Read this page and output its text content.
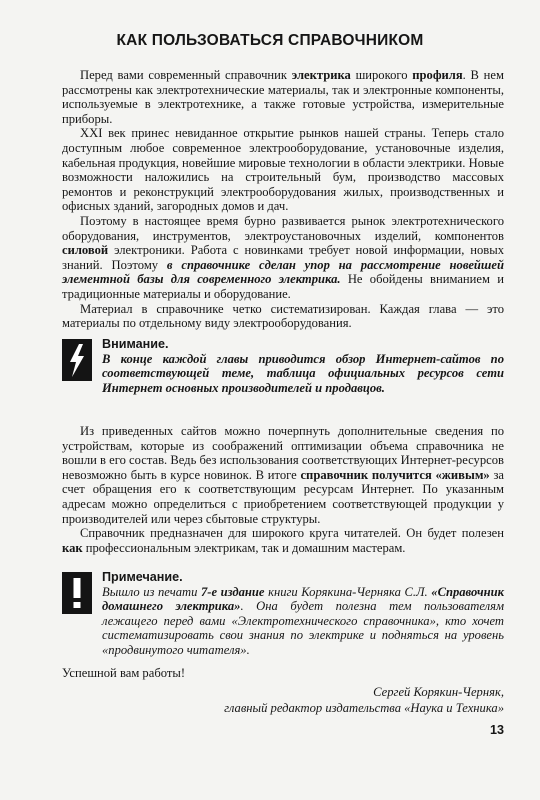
КАК ПОЛЬЗОВАТЬСЯ СПРАВОЧНИКОМ

Перед вами современный справочник электрика широкого профиля. В нем рассмотрены как электротехнические материалы, так и электронные компоненты, используемые в электротехнике, а также готовые устройства, измерительные приборы.

XXI век принес невиданное открытие рынков нашей страны. Теперь стало доступным любое современное электрооборудование, установочные изделия, кабельная продукция, новейшие мировые технологии в области электрики. Новые возможности наложились на строительный бум, производство массовых ремонтов и реконструкций электрооборудования жилых, производственных и офисных зданий, загородных домов и дач.

Поэтому в настоящее время бурно развивается рынок электротехнического оборудования, инструментов, электроустановочных изделий, компонентов силовой электроники. Работа с новинками требует новой информации, новых знаний. Поэтому в справочнике сделан упор на рассмотрение новейшей элементной базы для современного электрика. Не обойдены вниманием и традиционные материалы и оборудование.

Материал в справочнике четко систематизирован. Каждая глава — это материалы по отдельному виду электрооборудования.

Внимание.
В конце каждой главы приводится обзор Интернет-сайтов по соответствующей теме, таблица официальных ресурсов сети Интернет основных производителей и продавцов.

Из приведенных сайтов можно почерпнуть дополнительные сведения по устройствам, которые из соображений оптимизации объема справочника не вошли в его состав. Ведь без использования соответствующих Интернет-ресурсов невозможно быть в курсе новинок. В итоге справочник получится «живым» за счет обращения его к соответствующим ресурсам Интернет. По указанным адресам можно определиться с приобретением соответствующей продукции у производителей или через сбытовые структуры.

Справочник предназначен для широкого круга читателей. Он будет полезен как профессиональным электрикам, так и домашним мастерам.

Примечание.
Вышло из печати 7-е издание книги Корякина-Черняка С.Л. «Справочник домашнего электрика». Она будет полезна тем пользователям лежащего перед вами «Электротехнического справочника», кто хочет систематизировать свои знания по электрике и подняться на уровень «продвинутого читателя».
Успешной вам работы!
Сергей Корякин-Черняк,
главный редактор издательства «Наука и Техника»
13
